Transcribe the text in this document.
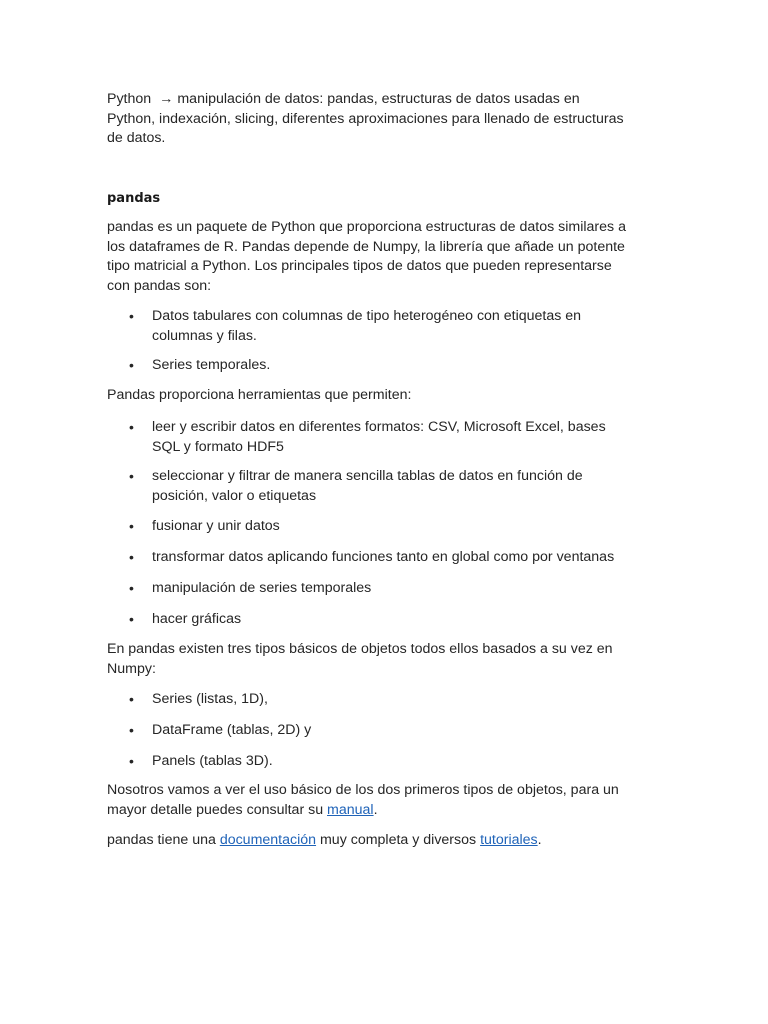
Python → manipulación de datos: pandas, estructuras de datos usadas en
Python, indexación, slicing, diferentes aproximaciones para llenado de estructuras
de datos.
pandas
pandas es un paquete de Python que proporciona estructuras de datos similares a
los dataframes de R. Pandas depende de Numpy, la librería que añade un potente
tipo matricial a Python. Los principales tipos de datos que pueden representarse
con pandas son:
• Datos tabulares con columnas de tipo heterogéneo con etiquetas en
columnas y filas.
• Series temporales.
Pandas proporciona herramientas que permiten:
• leer y escribir datos en diferentes formatos: CSV, Microsoft Excel, bases
SQL y formato HDF5
• seleccionar y filtrar de manera sencilla tablas de datos en función de
posición, valor o etiquetas
• fusionar y unir datos
• transformar datos aplicando funciones tanto en global como por ventanas
• manipulación de series temporales
• hacer gráficas
En pandas existen tres tipos básicos de objetos todos ellos basados a su vez en
Numpy:
• Series (listas, 1D),
• DataFrame (tablas, 2D) y
• Panels (tablas 3D).
Nosotros vamos a ver el uso básico de los dos primeros tipos de objetos, para un
mayor detalle puedes consultar su manual.
pandas tiene una documentación muy completa y diversos tutoriales.
